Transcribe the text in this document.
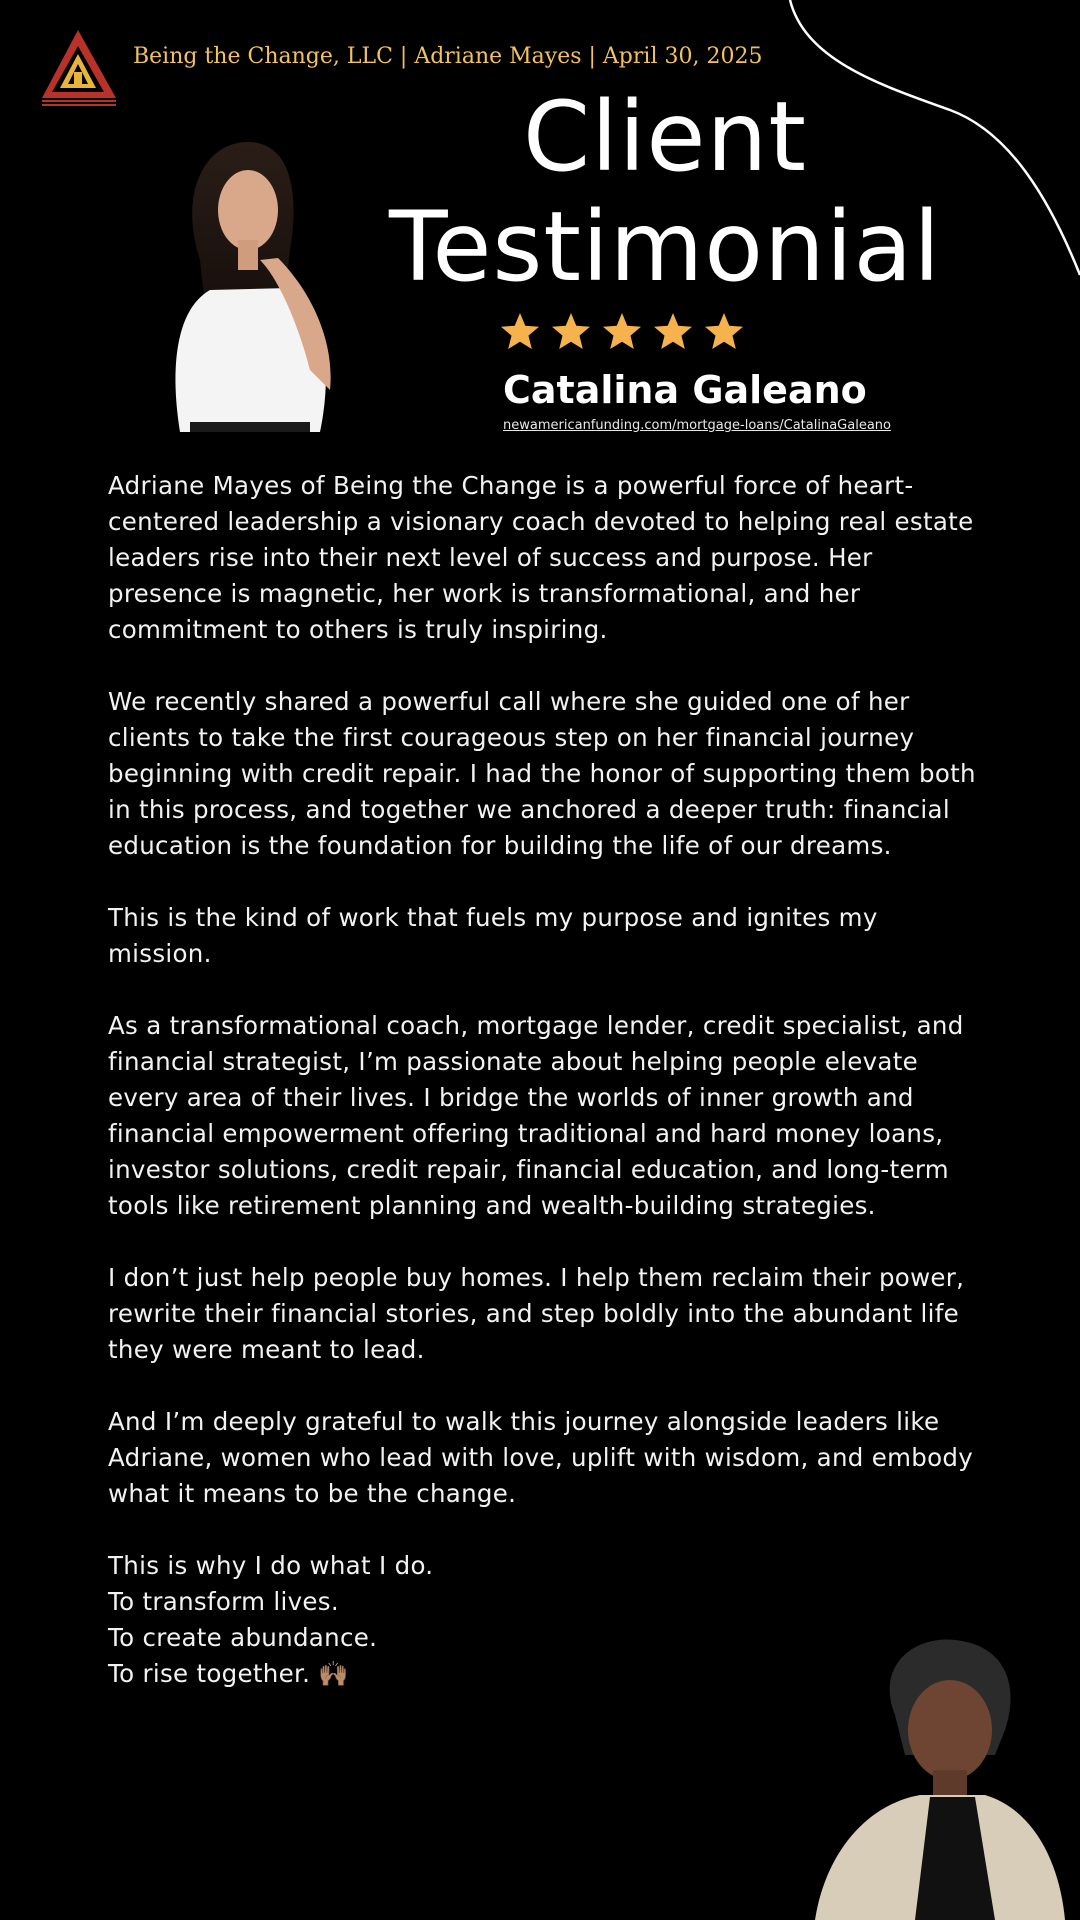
Being the Change, LLC | Adriane Mayes | April 30, 2025
Client
Testimonial
Catalina Galeano
newamericanfunding.com/mortgage-loans/CatalinaGaleano

Adriane Mayes of Being the Change is a powerful force of heart-centered leadership a visionary coach devoted to helping real estate leaders rise into their next level of success and purpose. Her presence is magnetic, her work is transformational, and her commitment to others is truly inspiring.

We recently shared a powerful call where she guided one of her clients to take the first courageous step on her financial journey beginning with credit repair. I had the honor of supporting them both in this process, and together we anchored a deeper truth: financial education is the foundation for building the life of our dreams.

This is the kind of work that fuels my purpose and ignites my mission.

As a transformational coach, mortgage lender, credit specialist, and financial strategist, I’m passionate about helping people elevate every area of their lives. I bridge the worlds of inner growth and financial empowerment offering traditional and hard money loans, investor solutions, credit repair, financial education, and long-term tools like retirement planning and wealth-building strategies.

I don’t just help people buy homes. I help them reclaim their power, rewrite their financial stories, and step boldly into the abundant life they were meant to lead.

And I’m deeply grateful to walk this journey alongside leaders like Adriane, women who lead with love, uplift with wisdom, and embody what it means to be the change.

This is why I do what I do.
To transform lives.
To create abundance.
To rise together. 🙌🏽
